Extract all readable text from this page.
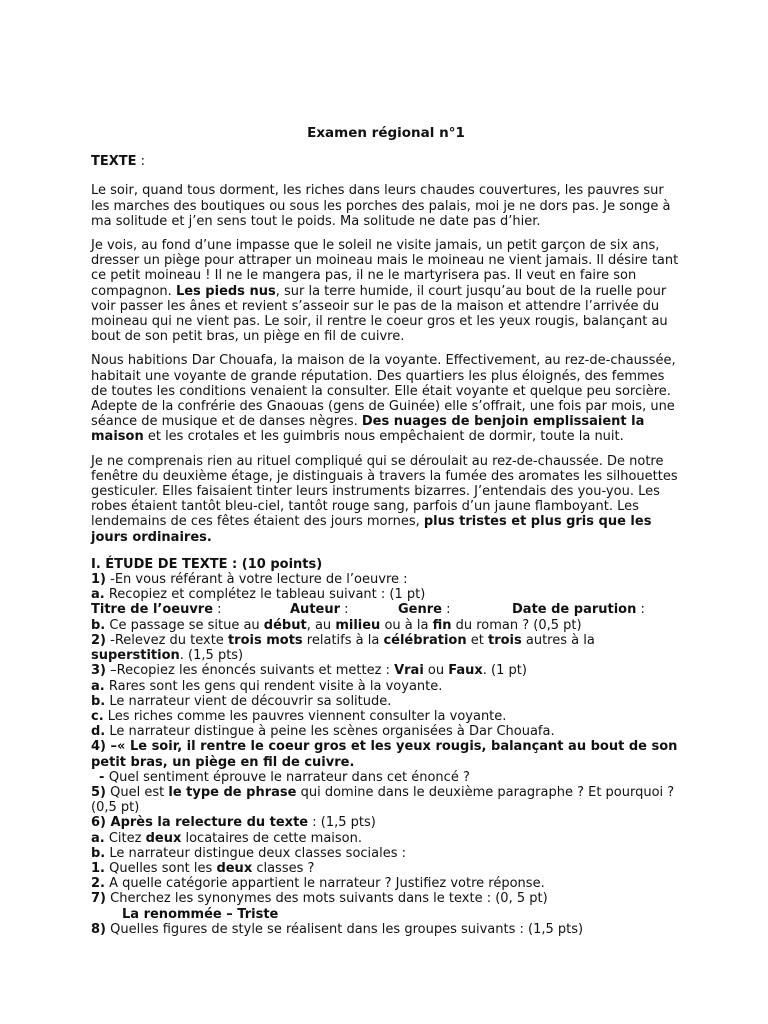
Examen régional n°1
TEXTE :

Le soir, quand tous dorment, les riches dans leurs chaudes couvertures, les pauvres sur les marches des boutiques ou sous les porches des palais, moi je ne dors pas. Je songe à ma solitude et j’en sens tout le poids. Ma solitude ne date pas d’hier.

Je vois, au fond d’une impasse que le soleil ne visite jamais, un petit garçon de six ans, dresser un piège pour attraper un moineau mais le moineau ne vient jamais. Il désire tant ce petit moineau ! Il ne le mangera pas, il ne le martyrisera pas. Il veut en faire son compagnon. Les pieds nus, sur la terre humide, il court jusqu’au bout de la ruelle pour voir passer les ânes et revient s’asseoir sur le pas de la maison et attendre l’arrivée du moineau qui ne vient pas. Le soir, il rentre le coeur gros et les yeux rougis, balançant au bout de son petit bras, un piège en fil de cuivre.

Nous habitions Dar Chouafa, la maison de la voyante. Effectivement, au rez-de-chaussée, habitait une voyante de grande réputation. Des quartiers les plus éloignés, des femmes de toutes les conditions venaient la consulter. Elle était voyante et quelque peu sorcière. Adepte de la confrérie des Gnaouas (gens de Guinée) elle s’offrait, une fois par mois, une séance de musique et de danses nègres. Des nuages de benjoin emplissaient la maison et les crotales et les guimbris nous empêchaient de dormir, toute la nuit.

Je ne comprenais rien au rituel compliqué qui se déroulait au rez-de-chaussée. De notre fenêtre du deuxième étage, je distinguais à travers la fumée des aromates les silhouettes gesticuler. Elles faisaient tinter leurs instruments bizarres. J’entendais des you-you. Les robes étaient tantôt bleu-ciel, tantôt rouge sang, parfois d’un jaune flamboyant. Les lendemains de ces fêtes étaient des jours mornes, plus tristes et plus gris que les jours ordinaires.

I. ÉTUDE DE TEXTE : (10 points)

1) -En vous référant à votre lecture de l’oeuvre :

a. Recopiez et complétez le tableau suivant : (1 pt)

Titre de l’oeuvre :	Auteur :	Genre :	Date de parution :

b. Ce passage se situe au début, au milieu ou à la fin du roman ? (0,5 pt)

2) -Relevez du texte trois mots relatifs à la célébration et trois autres à la superstition. (1,5 pts)

3) –Recopiez les énoncés suivants et mettez : Vrai ou Faux. (1 pt)

a. Rares sont les gens qui rendent visite à la voyante.

b. Le narrateur vient de découvrir sa solitude.

c. Les riches comme les pauvres viennent consulter la voyante.

d. Le narrateur distingue à peine les scènes organisées à Dar Chouafa.

4) –« Le soir, il rentre le coeur gros et les yeux rougis, balançant au bout de son petit bras, un piège en fil de cuivre.

- Quel sentiment éprouve le narrateur dans cet énoncé ?

5) Quel est le type de phrase qui domine dans le deuxième paragraphe ? Et pourquoi ? (0,5 pt)

6) Après la relecture du texte : (1,5 pts)

a. Citez deux locataires de cette maison.

b. Le narrateur distingue deux classes sociales :

1. Quelles sont les deux classes ?

2. A quelle catégorie appartient le narrateur ? Justifiez votre réponse.

7) Cherchez les synonymes des mots suivants dans le texte : (0, 5 pt)

La renommée – Triste

8) Quelles figures de style se réalisent dans les groupes suivants : (1,5 pts)
